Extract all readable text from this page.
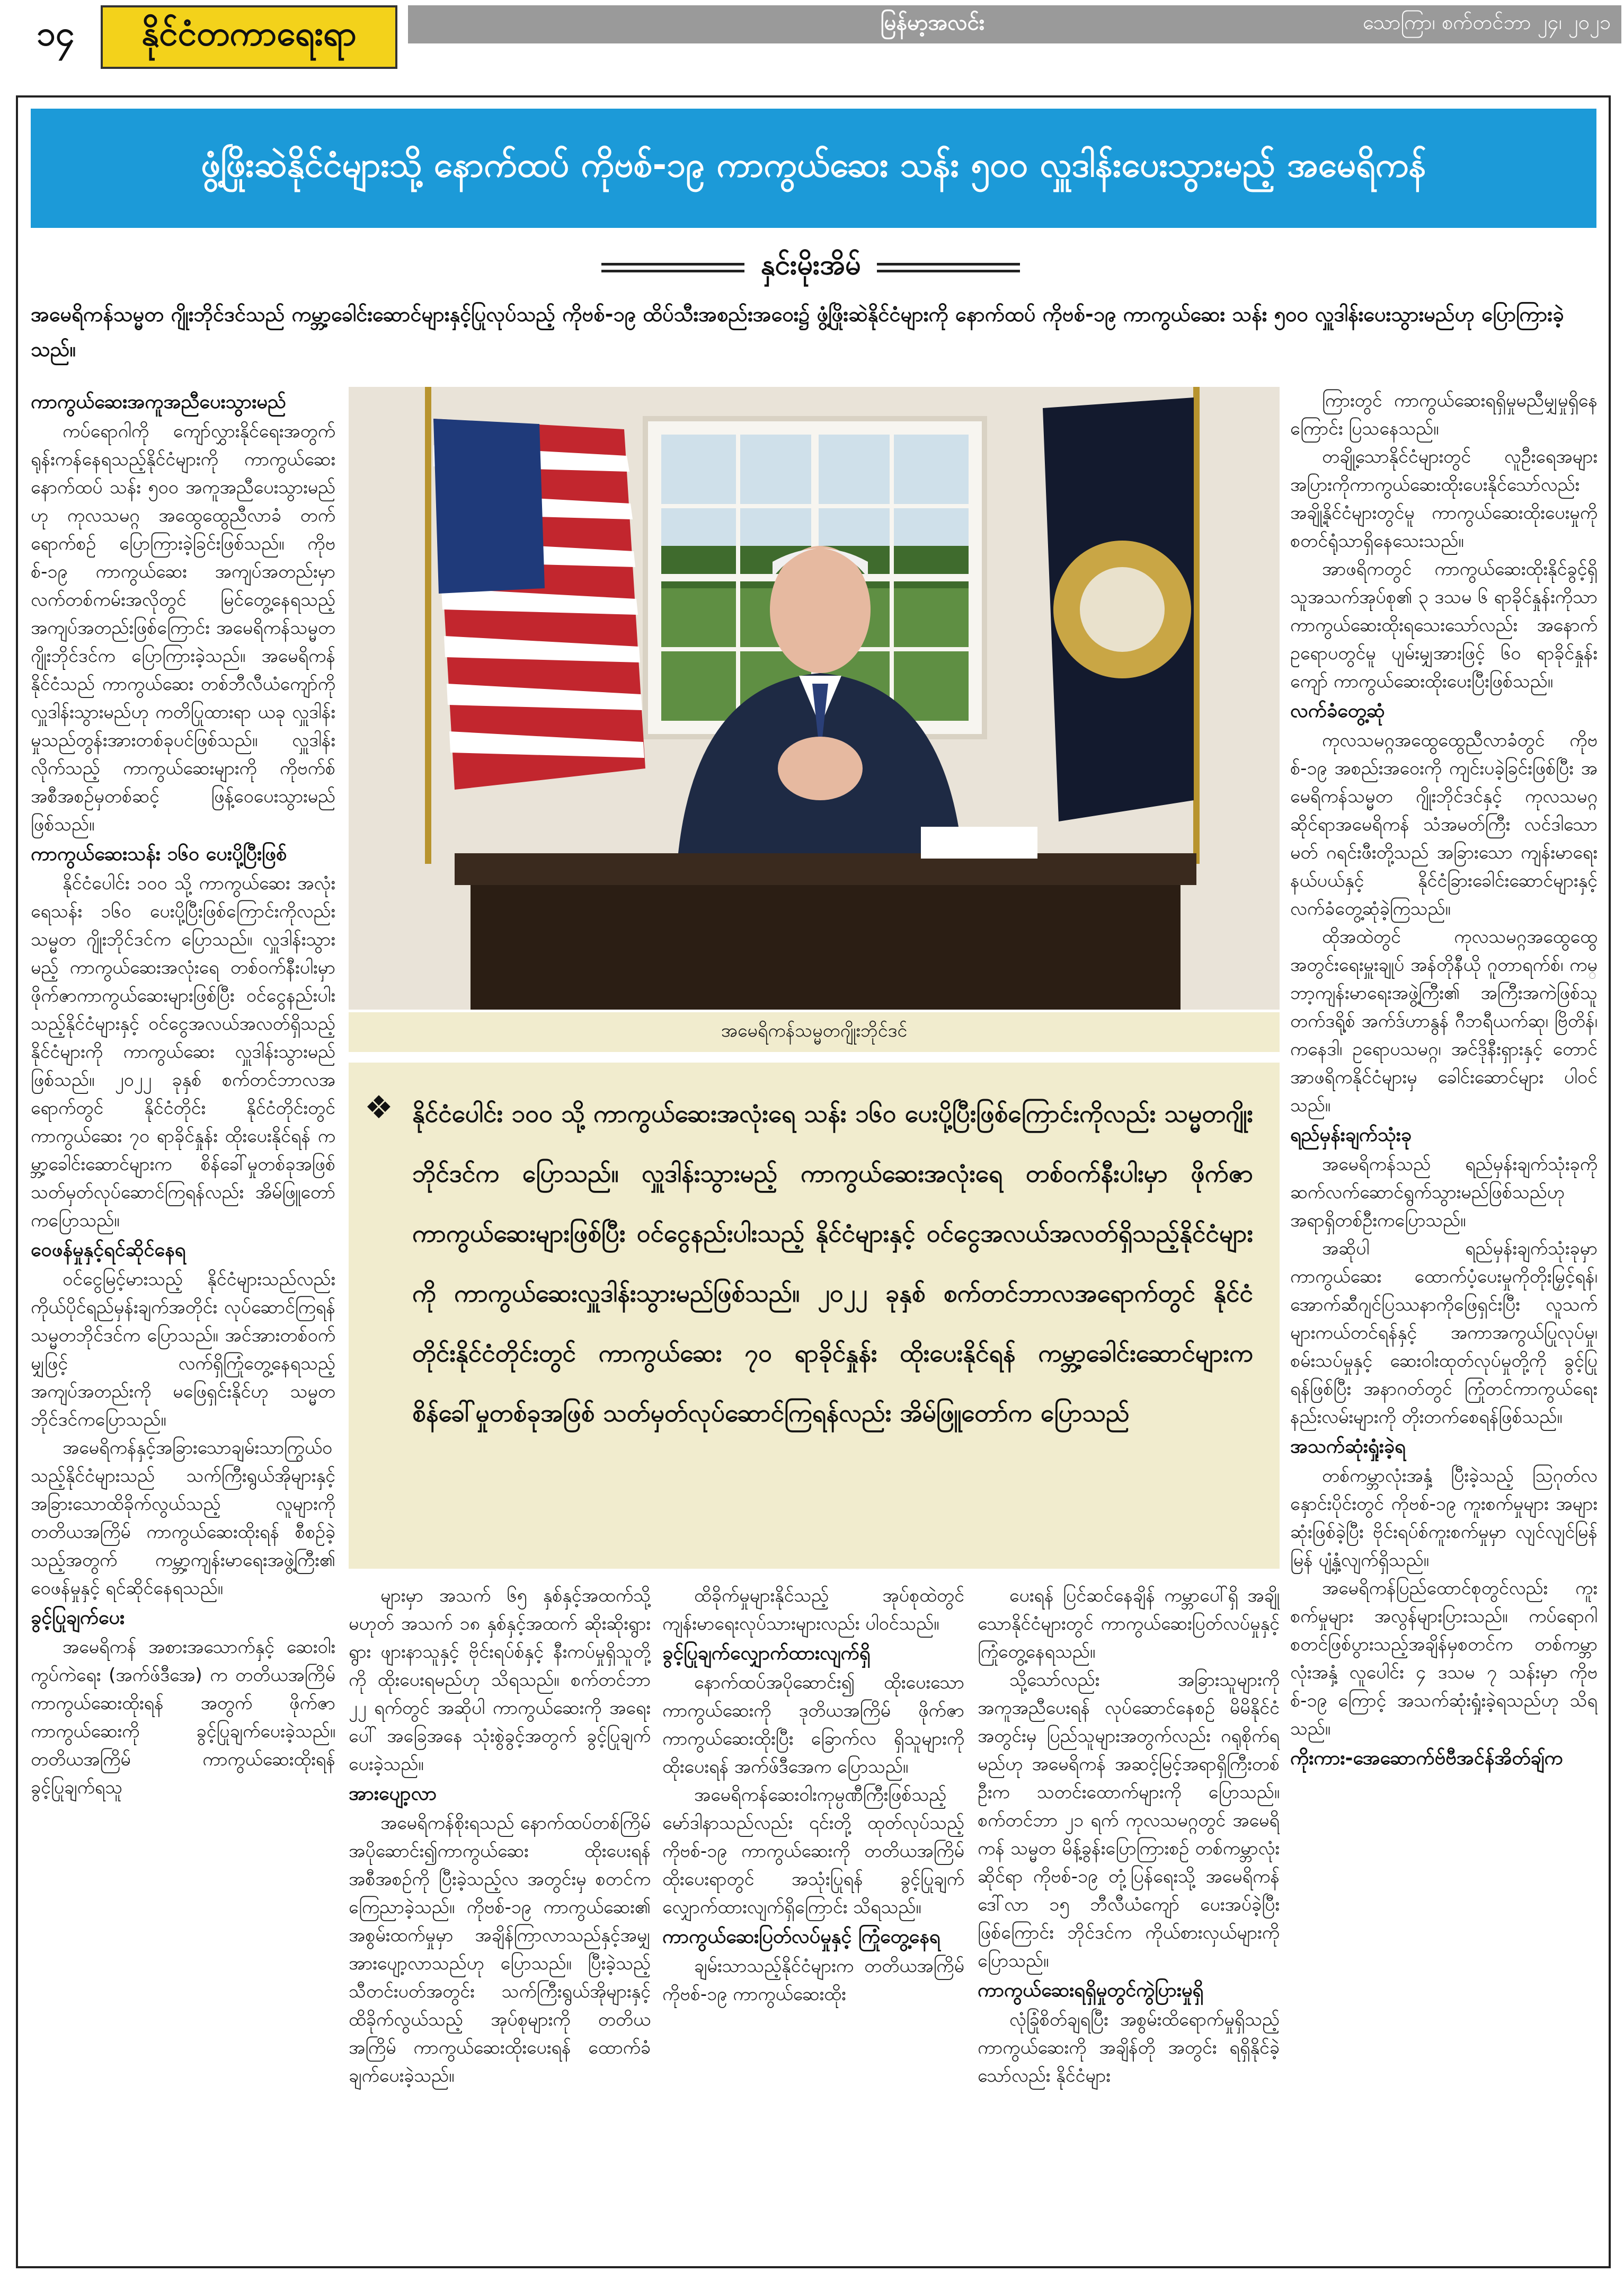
၁၄	နိုင်ငံတကာရေးရာ	မြန်မာ့အလင်း	သောကြာ၊ စက်တင်ဘာ ၂၄၊ ၂၀၂၁
ဖွံ့ဖြိုးဆဲနိုင်ငံများသို့ နောက်ထပ် ကိုဗစ်-၁၉ ကာကွယ်ဆေး သန်း ၅၀၀ လှူဒါန်းပေးသွားမည့် အမေရိကန်
နှင်းမိုးအိမ်
အမေရိကန်သမ္မတ ဂျိုးဘိုင်ဒင်သည် ကမ္ဘာ့ခေါင်းဆောင်များနှင့်ပြုလုပ်သည့် ကိုဗစ်-၁၉ ထိပ်သီးအစည်းအဝေး၌ ဖွံ့ဖြိုးဆဲနိုင်ငံများကို နောက်ထပ် ကိုဗစ်-၁၉ ကာကွယ်ဆေး သန်း ၅၀၀ လှူဒါန်းပေးသွားမည်ဟု ပြောကြားခဲ့သည်။
အမေရိကန်သမ္မတဂျိုးဘိုင်ဒင်
❖ နိုင်ငံပေါင်း ၁၀၀ သို့ ကာကွယ်ဆေးအလုံးရေ သန်း ၁၆၀ ပေးပို့ပြီးဖြစ်ကြောင်းကိုလည်း သမ္မတဂျိုးဘိုင်ဒင်က ပြောသည်။ လှူဒါန်းသွားမည့် ကာကွယ်ဆေးအလုံးရေ တစ်ဝက်နီးပါးမှာ ဖိုက်ဇာကာကွယ်ဆေးများဖြစ်ပြီး ဝင်ငွေနည်းပါးသည့် နိုင်ငံများနှင့် ဝင်ငွေအလယ်အလတ်ရှိသည့်နိုင်ငံများကို ကာကွယ်ဆေးလှူဒါန်းသွားမည်ဖြစ်သည်။ ၂၀၂၂ ခုနှစ် စက်တင်ဘာလအရောက်တွင် နိုင်ငံတိုင်းနိုင်ငံတိုင်းတွင် ကာကွယ်ဆေး ၇၀ ရာခိုင်နှုန်း ထိုးပေးနိုင်ရန် ကမ္ဘာ့ခေါင်းဆောင်များက စိန်ခေါ်မှုတစ်ခုအဖြစ် သတ်မှတ်လုပ်ဆောင်ကြရန်လည်း အိမ်ဖြူတော်က ပြောသည်

ကာကွယ်ဆေးအကူအညီပေးသွားမည်

ကပ်ရောဂါကို ကျော်လွှားနိုင်ရေးအတွက် ရုန်းကန်နေရသည့်နိုင်ငံများကို ကာကွယ်ဆေး နောက်ထပ် သန်း ၅၀၀ အကူအညီပေးသွားမည်ဟု ကုလသမဂ္ဂ အထွေထွေညီလာခံ တက်ရောက်စဉ် ပြောကြားခဲ့ခြင်းဖြစ်သည်။ ကိုဗစ်-၁၉ ကာကွယ်ဆေး အကျပ်အတည်းမှာ လက်တစ်ကမ်းအလိုတွင် မြင်တွေ့နေရသည့် အကျပ်အတည်းဖြစ်ကြောင်း အမေရိကန်သမ္မတ ဂျိုးဘိုင်ဒင်က ပြောကြားခဲ့သည်။ အမေရိကန်နိုင်ငံသည် ကာကွယ်ဆေး တစ်ဘီလီယံကျော်ကို လှူဒါန်းသွားမည်ဟု ကတိပြုထားရာ ယခု လှူဒါန်းမှုသည်တွန်းအားတစ်ခုပင်ဖြစ်သည်။ လှူဒါန်းလိုက်သည့် ကာကွယ်ဆေးများကို ကိုဗက်စ်အစီအစဉ်မှတစ်ဆင့် ဖြန့်ဝေပေးသွားမည်ဖြစ်သည်။

ကာကွယ်ဆေးသန်း ၁၆၀ ပေးပို့ပြီးဖြစ်

နိုင်ငံပေါင်း ၁၀၀ သို့ ကာကွယ်ဆေး အလုံးရေသန်း ၁၆၀ ပေးပို့ပြီးဖြစ်ကြောင်းကိုလည်း သမ္မတ ဂျိုးဘိုင်ဒင်က ပြောသည်။ လှူဒါန်းသွားမည့် ကာကွယ်ဆေးအလုံးရေ တစ်ဝက်နီးပါးမှာ ဖိုက်ဇာကာကွယ်ဆေးများဖြစ်ပြီး ဝင်ငွေနည်းပါးသည့်နိုင်ငံများနှင့် ဝင်ငွေအလယ်အလတ်ရှိသည့်နိုင်ငံများကို ကာကွယ်ဆေး လှူဒါန်းသွားမည်ဖြစ်သည်။ ၂၀၂၂ ခုနှစ် စက်တင်ဘာလအရောက်တွင် နိုင်ငံတိုင်း နိုင်ငံတိုင်းတွင် ကာကွယ်ဆေး ၇၀ ရာခိုင်နှုန်း ထိုးပေးနိုင်ရန် ကမ္ဘာ့ခေါင်းဆောင်များက စိန်ခေါ်မှုတစ်ခုအဖြစ် သတ်မှတ်လုပ်ဆောင်ကြရန်လည်း အိမ်ဖြူတော်ကပြောသည်။

ဝေဖန်မှုနှင့်ရင်ဆိုင်နေရ

ဝင်ငွေမြင့်မားသည့် နိုင်ငံများသည်လည်း ကိုယ်ပိုင်ရည်မှန်းချက်အတိုင်း လုပ်ဆောင်ကြရန် သမ္မတဘိုင်ဒင်က ပြောသည်။ အင်အားတစ်ဝက်မျှဖြင့် လက်ရှိကြုံတွေ့နေရသည့် အကျပ်အတည်းကို မဖြေရှင်းနိုင်ဟု သမ္မတ ဘိုင်ဒင်ကပြောသည်။

အမေရိကန်နှင့်အခြားသောချမ်းသာကြွယ်ဝသည့်နိုင်ငံများသည် သက်ကြီးရွယ်အိုများနှင့် အခြားသောထိခိုက်လွယ်သည့် လူများကို တတိယအကြိမ် ကာကွယ်ဆေးထိုးရန် စီစဉ်ခဲ့သည့်အတွက် ကမ္ဘာ့ကျန်းမာရေးအဖွဲ့ကြီး၏ ဝေဖန်မှုနှင့် ရင်ဆိုင်နေရသည်။

ခွင့်ပြုချက်ပေး

အမေရိကန် အစားအသောက်နှင့် ဆေးဝါးကွပ်ကဲရေး (အက်ဖ်ဒီအေ) က တတိယအကြိမ် ကာကွယ်ဆေးထိုးရန် အတွက် ဖိုက်ဇာကာကွယ်ဆေးကို ခွင့်ပြုချက်ပေးခဲ့သည်။ တတိယအကြိမ် ကာကွယ်ဆေးထိုးရန် ခွင့်ပြုချက်ရသူ

များမှာ အသက် ၆၅ နှစ်နှင့်အထက်သို့မဟုတ် အသက် ၁၈ နှစ်နှင့်အထက် ဆိုးဆိုးရွားရွား ဖျားနာသူနှင့် ဗိုင်းရပ်စ်နှင့် နီးကပ်မှုရှိသူတို့ကို ထိုးပေးရမည်ဟု သိရသည်။ စက်တင်ဘာ ၂၂ ရက်တွင် အဆိုပါ ကာကွယ်ဆေးကို အရေးပေါ် အခြေအနေ သုံးစွဲခွင့်အတွက် ခွင့်ပြုချက်ပေးခဲ့သည်။

အားပျော့လာ

အမေရိကန်စိုးရသည် နောက်ထပ်တစ်ကြိမ် အပိုဆောင်း၍ကာကွယ်ဆေး ထိုးပေးရန် အစီအစဉ်ကို ပြီးခဲ့သည့်လ အတွင်းမှ စတင်က ကြေညာခဲ့သည်။ ကိုဗစ်-၁၉ ကာကွယ်ဆေး၏ အစွမ်းထက်မှုမှာ အချိန်ကြာလာသည်နှင့်အမျှ အားပျော့လာသည်ဟု ပြောသည်။ ပြီးခဲ့သည့်သီတင်းပတ်အတွင်း သက်ကြီးရွယ်အိုများနှင့် ထိခိုက်လွယ်သည့် အုပ်စုများကို တတိယအကြိမ် ကာကွယ်ဆေးထိုးပေးရန် ထောက်ခံချက်ပေးခဲ့သည်။

ထိခိုက်မှုများနိုင်သည့် အုပ်စုထဲတွင် ကျန်းမာရေးလုပ်သားများလည်း ပါဝင်သည်။

ခွင့်ပြုချက်လျှောက်ထားလျက်ရှိ

နောက်ထပ်အပိုဆောင်း၍ ထိုးပေးသောကာကွယ်ဆေးကို ဒုတိယအကြိမ် ဖိုက်ဇာကာကွယ်ဆေးထိုးပြီး ခြောက်လ ရှိသူများကို ထိုးပေးရန် အက်ဖ်ဒီအေက ပြောသည်။

အမေရိကန်ဆေးဝါးကုမ္ပဏီကြီးဖြစ်သည့် မော်ဒါနာသည်လည်း ၎င်းတို့ ထုတ်လုပ်သည့် ကိုဗစ်-၁၉ ကာကွယ်ဆေးကို တတိယအကြိမ် ထိုးပေးရာတွင် အသုံးပြုရန် ခွင့်ပြုချက်လျှောက်ထားလျက်ရှိကြောင်း သိရသည်။

ကာကွယ်ဆေးပြတ်လပ်မှုနှင့် ကြုံတွေ့နေရ

ချမ်းသာသည့်နိုင်ငံများက တတိယအကြိမ် ကိုဗစ်-၁၉ ကာကွယ်ဆေးထိုး

ပေးရန် ပြင်ဆင်နေချိန် ကမ္ဘာပေါ်ရှိ အချို့သောနိုင်ငံများတွင် ကာကွယ်ဆေးပြတ်လပ်မှုနှင့် ကြုံတွေ့နေရသည်။

သို့သော်လည်း အခြားသူများကို အကူအညီပေးရန် လုပ်ဆောင်နေစဉ် မိမိနိုင်ငံအတွင်းမှ ပြည်သူများအတွက်လည်း ဂရုစိုက်ရမည်ဟု အမေရိကန် အဆင့်မြင့်အရာရှိကြီးတစ်ဦးက သတင်းထောက်များကို ပြောသည်။ စက်တင်ဘာ ၂၁ ရက် ကုလသမဂ္ဂတွင် အမေရိကန် သမ္မတ မိန့်ခွန်းပြောကြားစဉ် တစ်ကမ္ဘာလုံးဆိုင်ရာ ကိုဗစ်-၁၉ တုံ့ပြန်ရေးသို့ အမေရိကန်ဒေါ်လာ ၁၅ ဘီလီယံကျော် ပေးအပ်ခဲ့ပြီးဖြစ်ကြောင်း ဘိုင်ဒင်က ကိုယ်စားလှယ်များကို ပြောသည်။

ကာကွယ်ဆေးရရှိမှုတွင်ကွဲပြားမှုရှိ

လုံခြုံစိတ်ချရပြီး အစွမ်းထိရောက်မှုရှိသည့် ကာကွယ်ဆေးကို အချိန်တို အတွင်း ရရှိနိုင်ခဲ့သော်လည်း နိုင်ငံများ

ကြားတွင် ကာကွယ်ဆေးရရှိမှုမညီမျှမှုရှိနေကြောင်း ပြသနေသည်။

တချို့သောနိုင်ငံများတွင် လူဦးရေအများအပြားကိုကာကွယ်ဆေးထိုးပေးနိုင်သော်လည်း အချို့နိုင်ငံများတွင်မူ ကာကွယ်ဆေးထိုးပေးမှုကို စတင်ရုံသာရှိနေသေးသည်။

အာဖရိကတွင် ကာကွယ်ဆေးထိုးနိုင်ခွင့်ရှိသူအသက်အုပ်စု၏ ၃ ဒသမ ၆ ရာခိုင်နှုန်းကိုသာ ကာကွယ်ဆေးထိုးရသေးသော်လည်း အနောက် ဥရောပတွင်မူ ပျမ်းမျှအားဖြင့် ၆၀ ရာခိုင်နှုန်းကျော် ကာကွယ်ဆေးထိုးပေးပြီးဖြစ်သည်။

လက်ခံတွေ့ဆုံ

ကုလသမဂ္ဂအထွေထွေညီလာခံတွင် ကိုဗစ်-၁၉ အစည်းအဝေးကို ကျင်းပခဲ့ခြင်းဖြစ်ပြီး အမေရိကန်သမ္မတ ဂျိုးဘိုင်ဒင်နှင့် ကုလသမဂ္ဂဆိုင်ရာအမေရိကန် သံအမတ်ကြီး လင်ဒါသောမတ် ဂရင်းဖီးတို့သည် အခြားသော ကျန်းမာရေးနယ်ပယ်နှင့် နိုင်ငံခြားခေါင်းဆောင်များနှင့် လက်ခံတွေ့ဆုံခဲ့ကြသည်။

ထိုအထဲတွင် ကုလသမဂ္ဂအထွေထွေ အတွင်းရေးမှူးချုပ် အန်တိုနီယို ဂူတာရက်စ်၊ ကမ္ဘာ့ကျန်းမာရေးအဖွဲ့ကြီး၏ အကြီးအကဲဖြစ်သူ တက်ဒရို့စ် အက်ဒ်ဟာနွန် ဂီဘရီယက်ဆု၊ ဗြိတိန်၊ ကနေဒါ၊ ဥရောပသမဂ္ဂ၊ အင်ဒိုနီးရှားနှင့် တောင်အာဖရိကနိုင်ငံများမှ ခေါင်းဆောင်များ ပါဝင်သည်။

ရည်မှန်းချက်သုံးခု

အမေရိကန်သည် ရည်မှန်းချက်သုံးခုကို ဆက်လက်ဆောင်ရွက်သွားမည်ဖြစ်သည်ဟု အရာရှိတစ်ဦးကပြောသည်။

အဆိုပါ ရည်မှန်းချက်သုံးခုမှာ ကာကွယ်ဆေး ထောက်ပံ့ပေးမှုကိုတိုးမြှင့်ရန်၊ အောက်ဆီဂျင်ပြဿနာကိုဖြေရှင်းပြီး လူသက်များကယ်တင်ရန်နှင့် အကာအကွယ်ပြုလုပ်မှု၊ စမ်းသပ်မှုနှင့် ဆေးဝါးထုတ်လုပ်မှုတို့ကို ခွင့်ပြုရန်ဖြစ်ပြီး အနာဂတ်တွင် ကြုံတင်ကာကွယ်ရေး နည်းလမ်းများကို တိုးတက်စေရန်ဖြစ်သည်။

အသက်ဆုံးရှုံးခဲ့ရ

တစ်ကမ္ဘာလုံးအနှံ့ ပြီးခဲ့သည့် သြဂုတ်လနှောင်းပိုင်းတွင် ကိုဗစ်-၁၉ ကူးစက်မှုများ အများဆုံးဖြစ်ခဲ့ပြီး ဗိုင်းရပ်စ်ကူးစက်မှုမှာ လျင်လျင်မြန်မြန် ပျံ့နှံ့လျက်ရှိသည်။

အမေရိကန်ပြည်ထောင်စုတွင်လည်း ကူးစက်မှုများ အလွန်များပြားသည်။ ကပ်ရောဂါစတင်ဖြစ်ပွားသည့်အချိန်မှစတင်က တစ်ကမ္ဘာလုံးအနှံ့ လူပေါင်း ၄ ဒသမ ၇ သန်းမှာ ကိုဗစ်-၁၉ ကြောင့် အသက်ဆုံးရှုံးခဲ့ရသည်ဟု သိရသည်။

ကိုးကား-အေဆောက်ဗ်ဗီအင်န်အိတ်ချ်က
